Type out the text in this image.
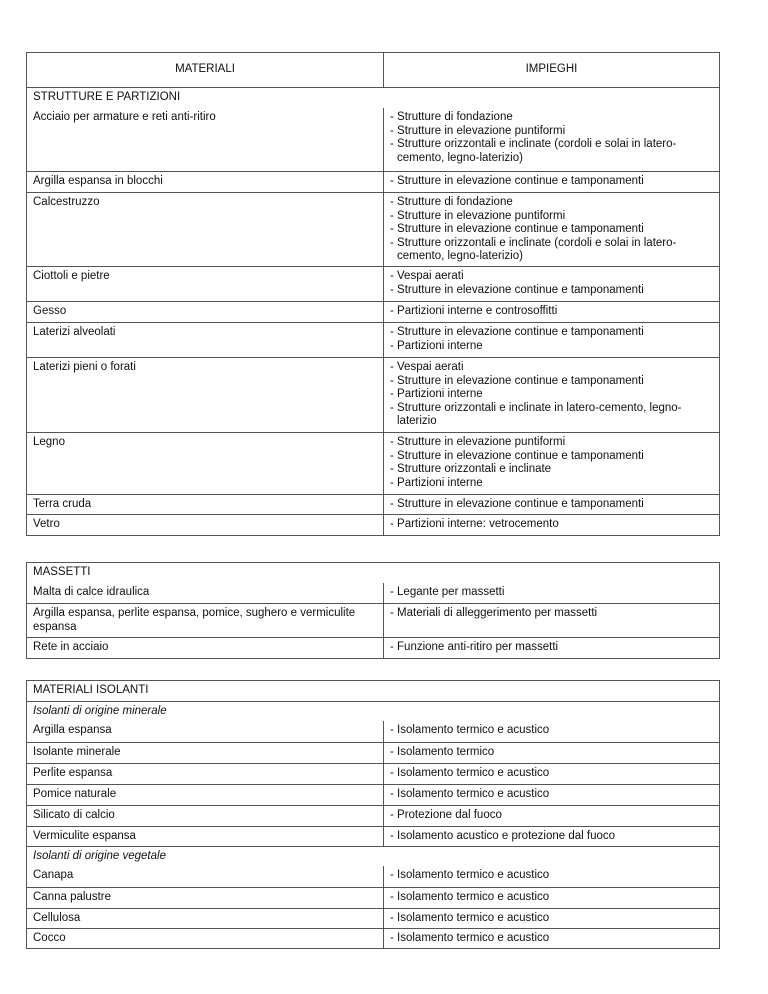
MATERIALI	IMPIEGHI
STRUTTURE E PARTIZIONI
Acciaio per armature e reti anti-ritiro	- Strutture di fondazione
- Strutture in elevazione puntiformi
- Strutture orizzontali e inclinate (cordoli e solai in latero-cemento, legno-laterizio)
Argilla espansa in blocchi	- Strutture in elevazione continue e tamponamenti
Calcestruzzo	- Strutture di fondazione
- Strutture in elevazione puntiformi
- Strutture in elevazione continue e tamponamenti
- Strutture orizzontali e inclinate (cordoli e solai in latero-cemento, legno-laterizio)
Ciottoli e pietre	- Vespai aerati
- Strutture in elevazione continue e tamponamenti
Gesso	- Partizioni interne e controsoffitti
Laterizi alveolati	- Strutture in elevazione continue e tamponamenti
- Partizioni interne
Laterizi pieni o forati	- Vespai aerati
- Strutture in elevazione continue e tamponamenti
- Partizioni interne
- Strutture orizzontali e inclinate in latero-cemento, legno-laterizio
Legno	- Strutture in elevazione puntiformi
- Strutture in elevazione continue e tamponamenti
- Strutture orizzontali e inclinate
- Partizioni interne
Terra cruda	- Strutture in elevazione continue e tamponamenti
Vetro	- Partizioni interne: vetrocemento
MASSETTI
Malta di calce idraulica	- Legante per massetti
Argilla espansa, perlite espansa, pomice, sughero e vermiculite espansa
- Materiali di alleggerimento per massetti
Rete in acciaio	- Funzione anti-ritiro per massetti
MATERIALI ISOLANTI
Isolanti di origine minerale
Argilla espansa	- Isolamento termico e acustico
Isolante minerale	- Isolamento termico
Perlite espansa	- Isolamento termico e acustico
Pomice naturale	- Isolamento termico e acustico
Silicato di calcio	- Protezione dal fuoco
Vermiculite espansa	- Isolamento acustico e protezione dal fuoco
Isolanti di origine vegetale
Canapa	- Isolamento termico e acustico
Canna palustre	- Isolamento termico e acustico
Cellulosa	- Isolamento termico e acustico
Cocco	- Isolamento termico e acustico
